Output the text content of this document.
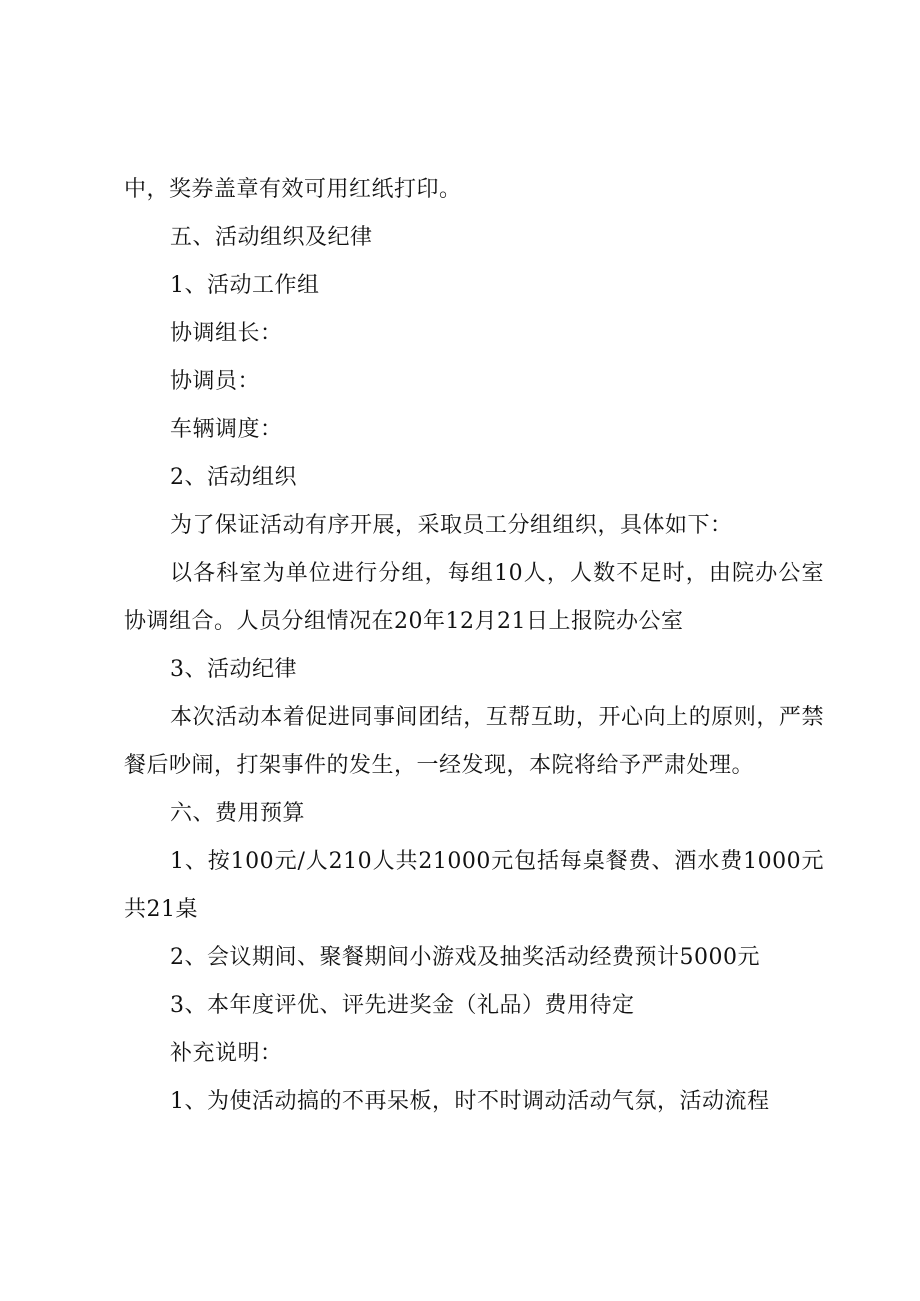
中，奖券盖章有效可用红纸打印。

五、活动组织及纪律

1、活动工作组

协调组长：

协调员：

车辆调度：

2、活动组织

为了保证活动有序开展，采取员工分组组织，具体如下：

以各科室为单位进行分组，每组10人，人数不足时，由院办公室协调组合。人员分组情况在20年12月21日上报院办公室

3、活动纪律

本次活动本着促进同事间团结，互帮互助，开心向上的原则，严禁餐后吵闹，打架事件的发生，一经发现，本院将给予严肃处理。

六、费用预算

1、按100元/人210人共21000元包括每桌餐费、酒水费1000元共21桌

2、会议期间、聚餐期间小游戏及抽奖活动经费预计5000元

3、本年度评优、评先进奖金（礼品）费用待定

补充说明：

1、为使活动搞的不再呆板，时不时调动活动气氛，活动流程
